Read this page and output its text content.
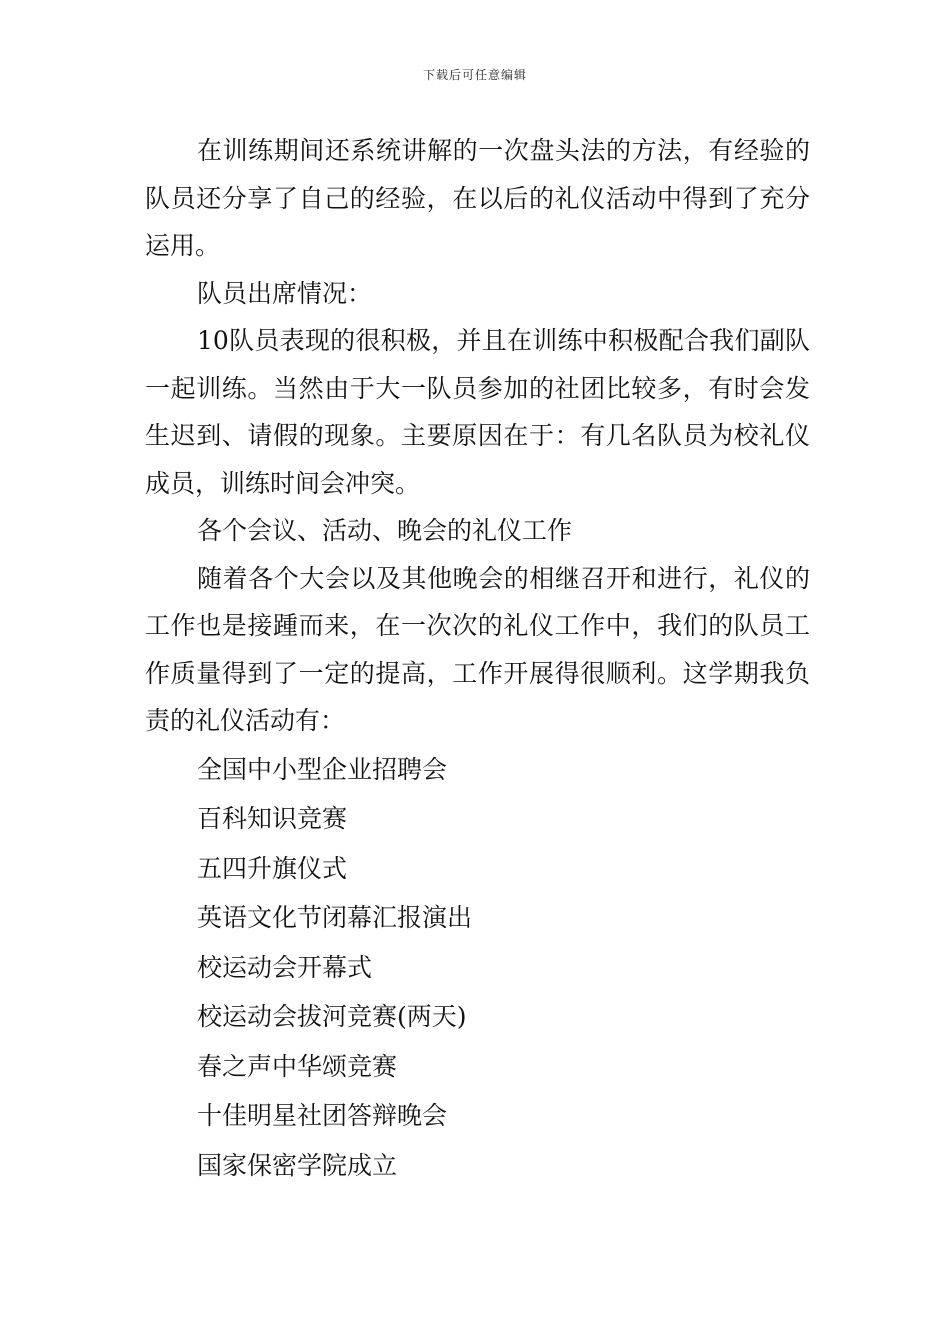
下载后可任意编辑

在训练期间还系统讲解的一次盘头法的方法，有经验的队员还分享了自己的经验，在以后的礼仪活动中得到了充分运用。

队员出席情况：

10队员表现的很积极，并且在训练中积极配合我们副队一起训练。当然由于大一队员参加的社团比较多，有时会发生迟到、请假的现象。主要原因在于：有几名队员为校礼仪成员，训练时间会冲突。

各个会议、活动、晚会的礼仪工作

随着各个大会以及其他晚会的相继召开和进行，礼仪的工作也是接踵而来，在一次次的礼仪工作中，我们的队员工作质量得到了一定的提高，工作开展得很顺利。这学期我负责的礼仪活动有：

全国中小型企业招聘会

百科知识竞赛

五四升旗仪式

英语文化节闭幕汇报演出

校运动会开幕式

校运动会拔河竞赛(两天)

春之声中华颂竞赛

十佳明星社团答辩晚会

国家保密学院成立
